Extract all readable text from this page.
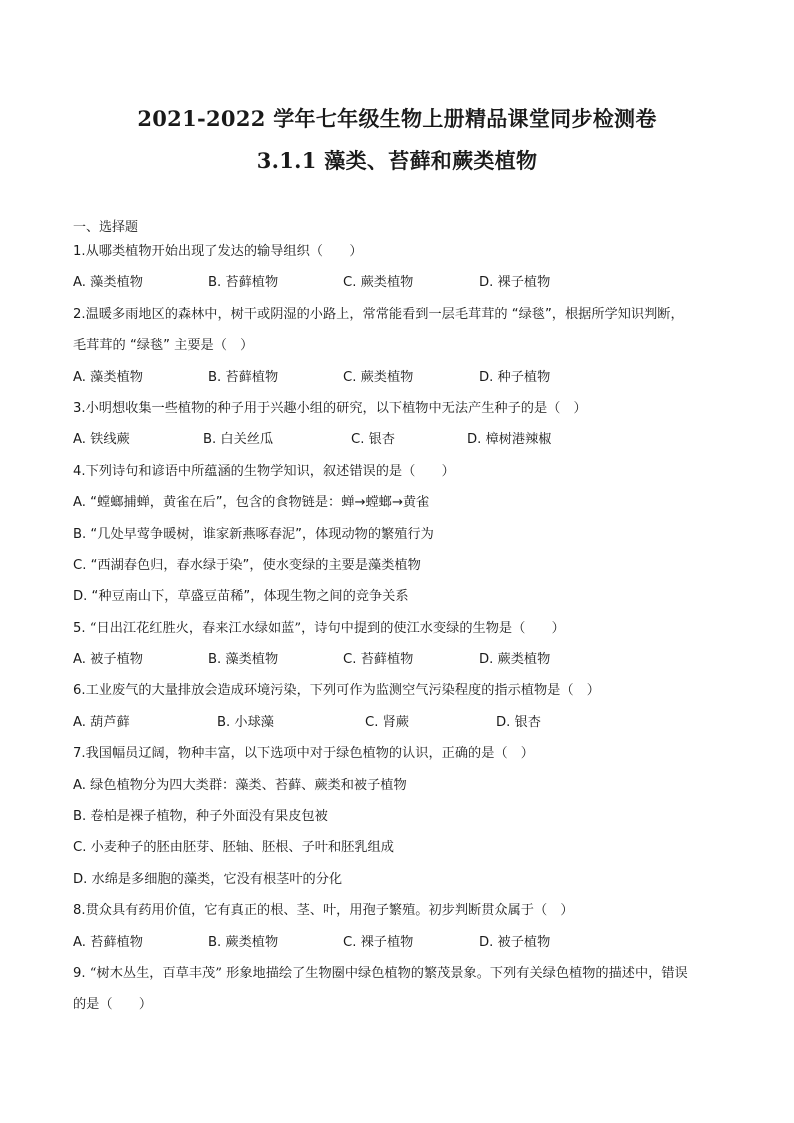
2021-2022 学年七年级生物上册精品课堂同步检测卷
3.1.1 藻类、苔藓和蕨类植物
一、选择题
1.从哪类植物开始出现了发达的输导组织（　　）
A. 藻类植物	B. 苔藓植物	C. 蕨类植物	D. 裸子植物
2.温暖多雨地区的森林中，树干或阴湿的小路上，常常能看到一层毛茸茸的 “绿毯”，根据所学知识判断，
毛茸茸的 “绿毯” 主要是（　）
A. 藻类植物	B. 苔藓植物	C. 蕨类植物	D. 种子植物
3.小明想收集一些植物的种子用于兴趣小组的研究，以下植物中无法产生种子的是（　）
A. 铁线蕨	B. 白关丝瓜	C. 银杏	D. 樟树港辣椒
4.下列诗句和谚语中所蕴涵的生物学知识，叙述错误的是（　　）
A. “螳螂捕蝉，黄雀在后”，包含的食物链是：蝉→螳螂→黄雀
B. “几处早莺争暖树，谁家新燕啄春泥”，体现动物的繁殖行为
C. “西湖春色归，春水绿于染”，使水变绿的主要是藻类植物
D. “种豆南山下，草盛豆苗稀”，体现生物之间的竞争关系
5. “日出江花红胜火，春来江水绿如蓝”，诗句中提到的使江水变绿的生物是（　　）
A. 被子植物	B. 藻类植物	C. 苔藓植物	D. 蕨类植物
6.工业废气的大量排放会造成环境污染，下列可作为监测空气污染程度的指示植物是（　）
A. 葫芦藓	B. 小球藻	C. 肾蕨	D. 银杏
7.我国幅员辽阔，物种丰富，以下选项中对于绿色植物的认识，正确的是（　）
A. 绿色植物分为四大类群：藻类、苔藓、蕨类和被子植物
B. 卷柏是裸子植物，种子外面没有果皮包被
C. 小麦种子的胚由胚芽、胚轴、胚根、子叶和胚乳组成
D. 水绵是多细胞的藻类，它没有根茎叶的分化
8.贯众具有药用价值，它有真正的根、茎、叶，用孢子繁殖。初步判断贯众属于（　）
A. 苔藓植物	B. 蕨类植物	C. 裸子植物	D. 被子植物
9. “树木丛生，百草丰茂” 形象地描绘了生物圈中绿色植物的繁茂景象。下列有关绿色植物的描述中，错误
的是（　　）
